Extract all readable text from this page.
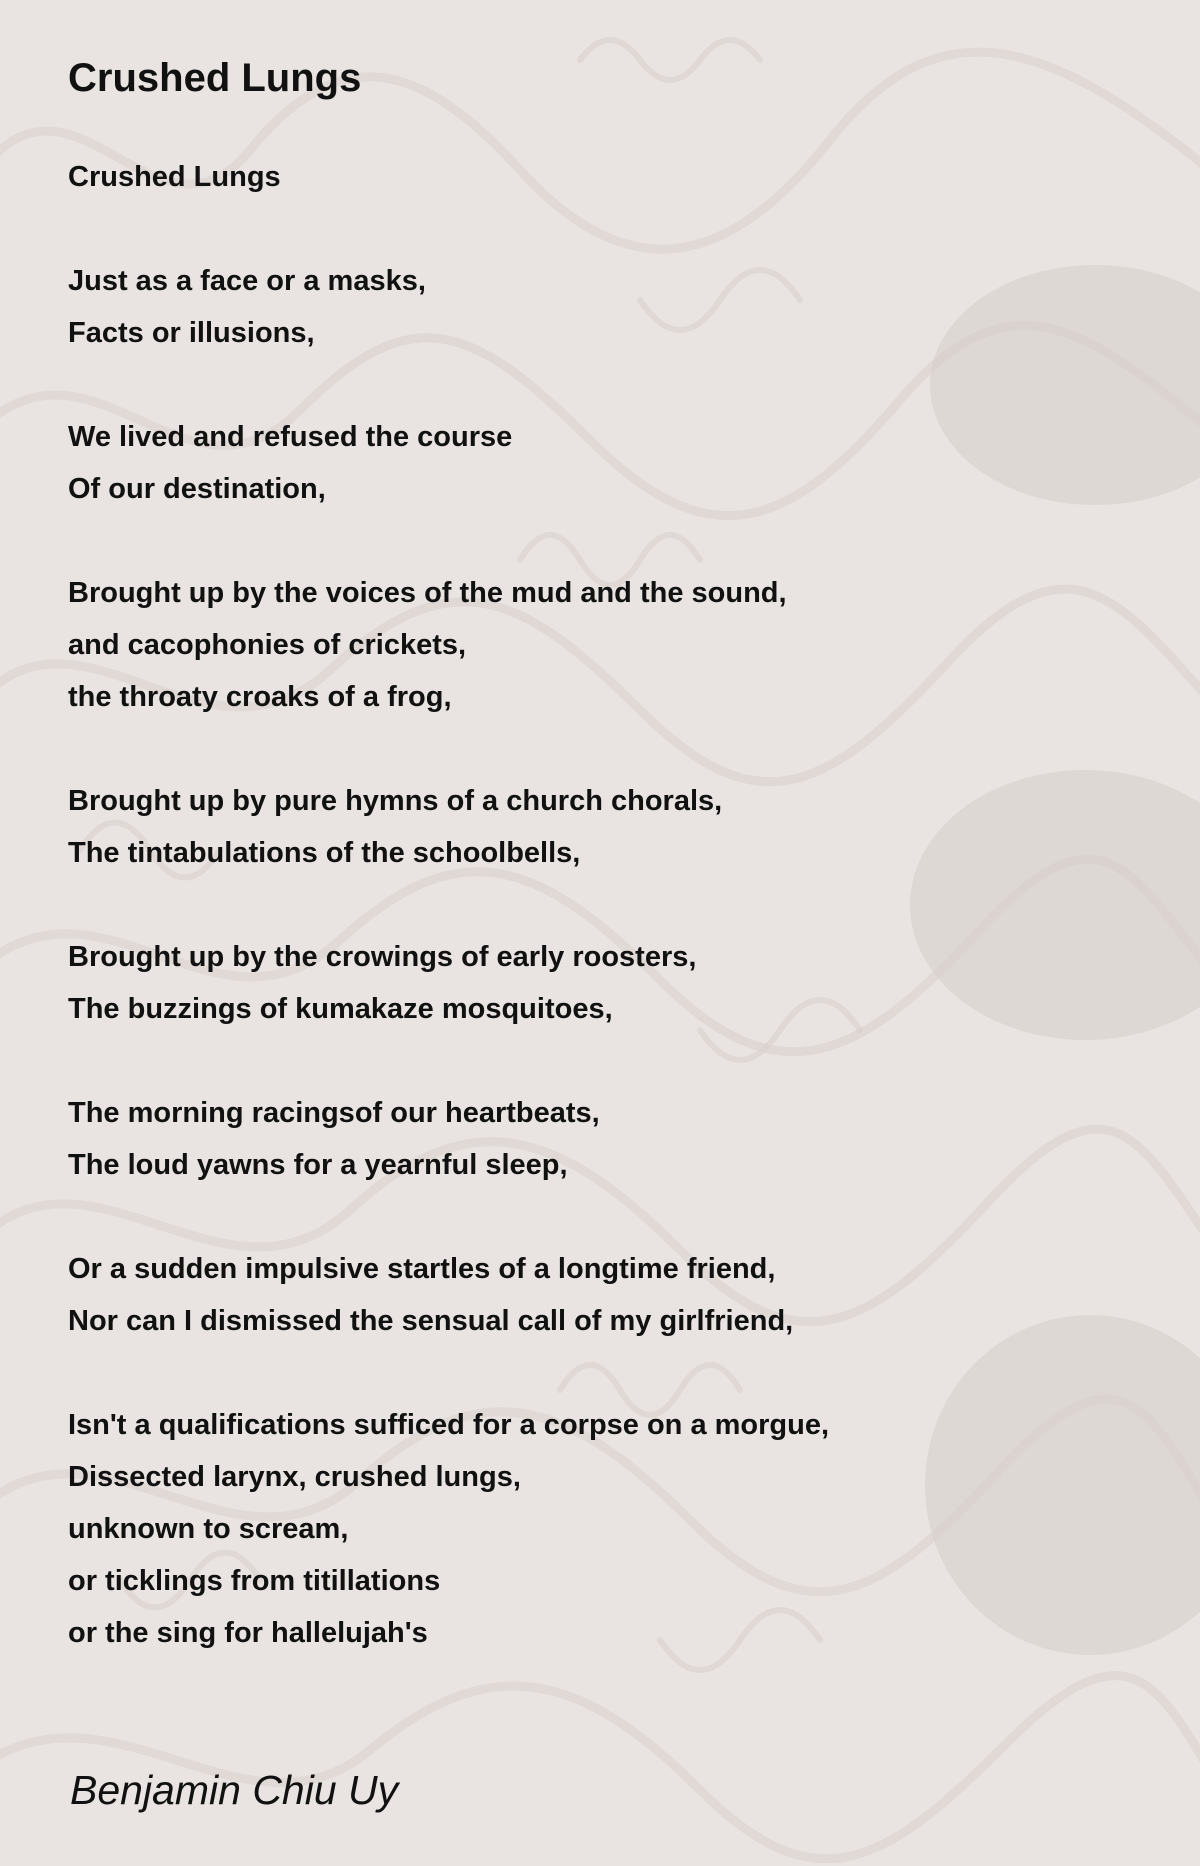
Crushed Lungs
Crushed Lungs
Just as a face or a masks,
Facts or illusions,
We lived and refused the course
Of our destination,
Brought up by the voices of the mud and the sound,
and cacophonies of crickets,
the throaty croaks of a frog,
Brought up by pure hymns of a church chorals,
The tintabulations of the schoolbells,
Brought up by the crowings of early roosters,
The buzzings of kumakaze mosquitoes,
The morning racingsof our heartbeats,
The loud yawns for a yearnful sleep,
Or a sudden impulsive startles of a longtime friend,
Nor can I dismissed the sensual call of my girlfriend,
Isn't a qualifications sufficed for a corpse on a morgue,
Dissected larynx, crushed lungs,
unknown to scream,
or ticklings from titillations
or the sing for hallelujah's
Benjamin Chiu Uy
